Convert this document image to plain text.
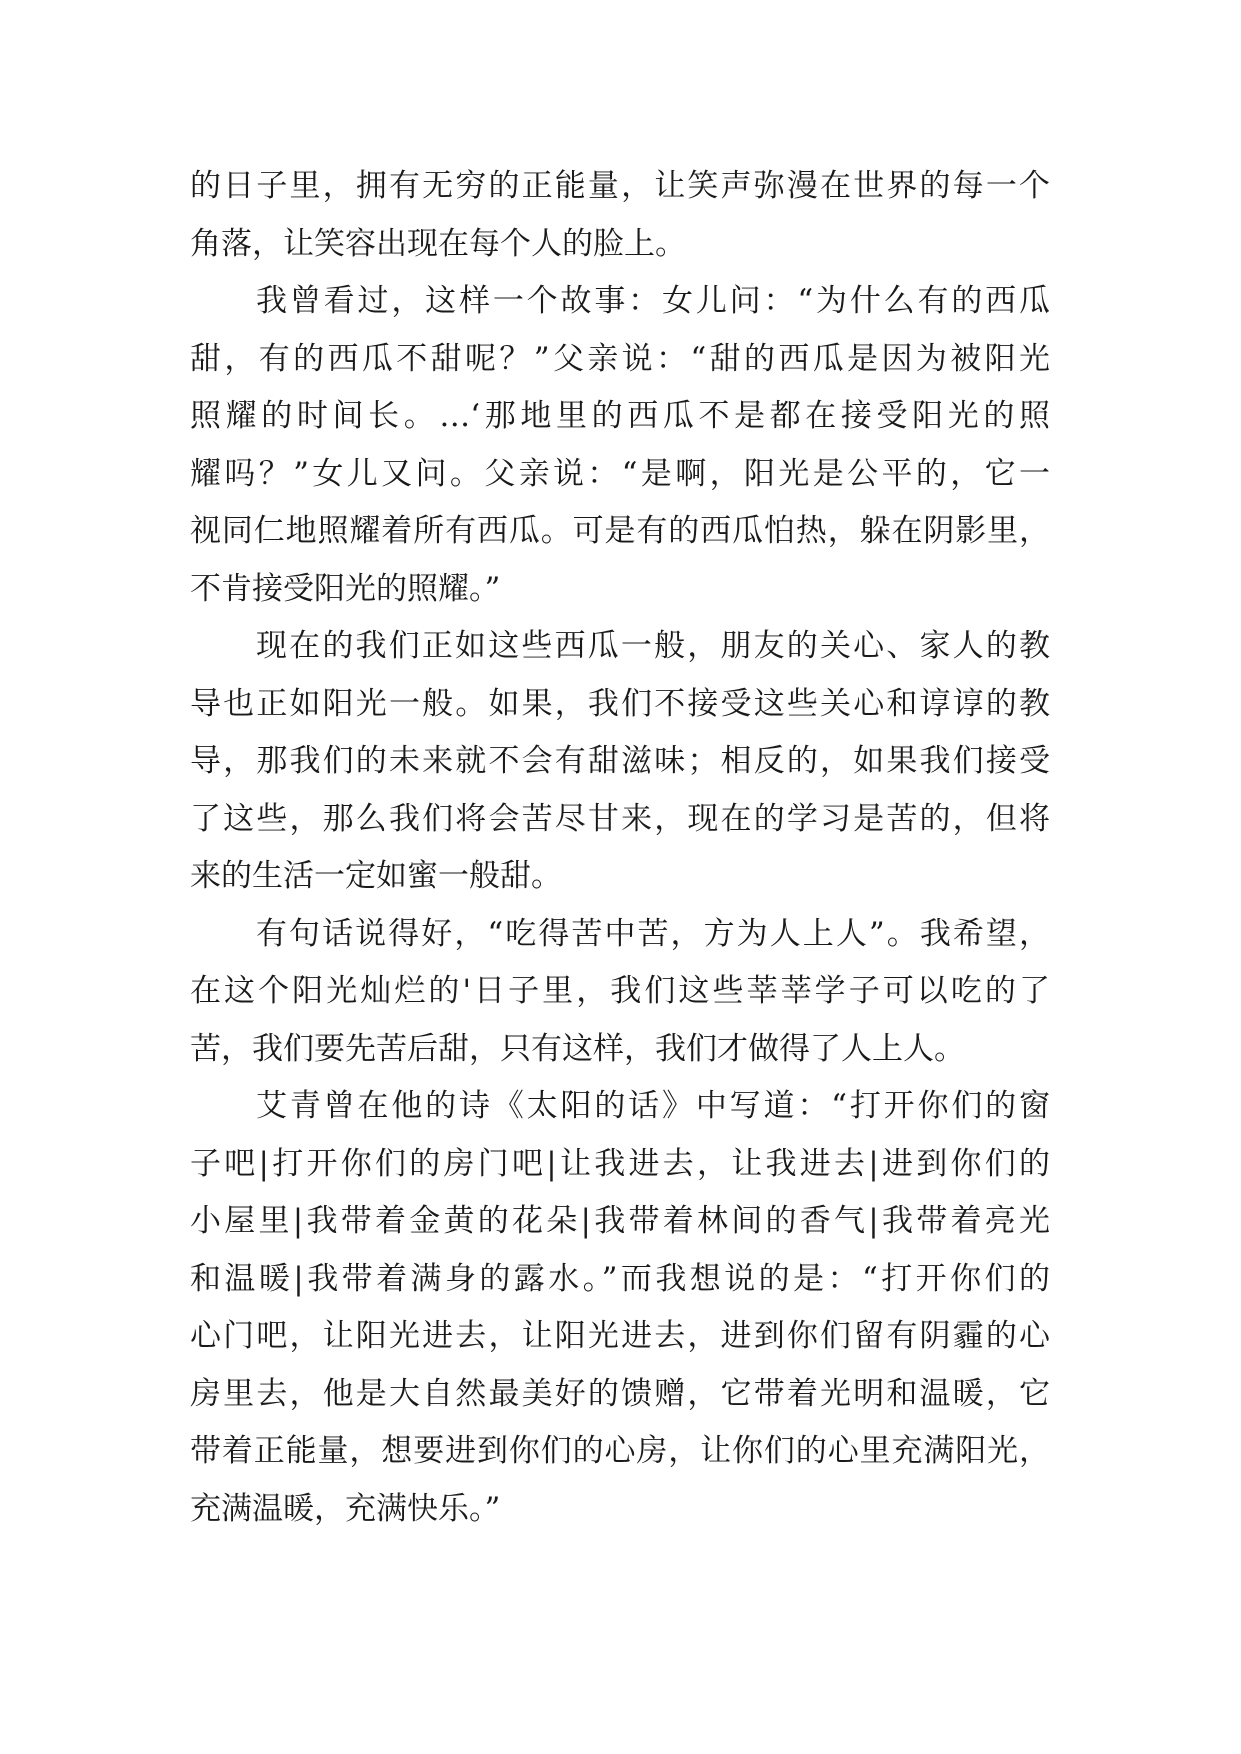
的日子里，拥有无穷的正能量，让笑声弥漫在世界的每一个
角落，让笑容出现在每个人的脸上。
我曾看过，这样一个故事：女儿问：“为什么有的西瓜
甜，有的西瓜不甜呢？”父亲说：“甜的西瓜是因为被阳光
照耀的时间长。…‘那地里的西瓜不是都在接受阳光的照
耀吗？”女儿又问。父亲说：“是啊，阳光是公平的，它一
视同仁地照耀着所有西瓜。可是有的西瓜怕热，躲在阴影里，
不肯接受阳光的照耀。”
现在的我们正如这些西瓜一般，朋友的关心、家人的教
导也正如阳光一般。如果，我们不接受这些关心和谆谆的教
导，那我们的未来就不会有甜滋味；相反的，如果我们接受
了这些，那么我们将会苦尽甘来，现在的学习是苦的，但将
来的生活一定如蜜一般甜。
有句话说得好，“吃得苦中苦，方为人上人”。我希望，
在这个阳光灿烂的'日子里，我们这些莘莘学子可以吃的了
苦，我们要先苦后甜，只有这样，我们才做得了人上人。
艾青曾在他的诗《太阳的话》中写道：“打开你们的窗
子吧|打开你们的房门吧|让我进去，让我进去|进到你们的
小屋里|我带着金黄的花朵|我带着林间的香气|我带着亮光
和温暖|我带着满身的露水。”而我想说的是：“打开你们的
心门吧，让阳光进去，让阳光进去，进到你们留有阴霾的心
房里去，他是大自然最美好的馈赠，它带着光明和温暖，它
带着正能量，想要进到你们的心房，让你们的心里充满阳光，
充满温暖，充满快乐。”
